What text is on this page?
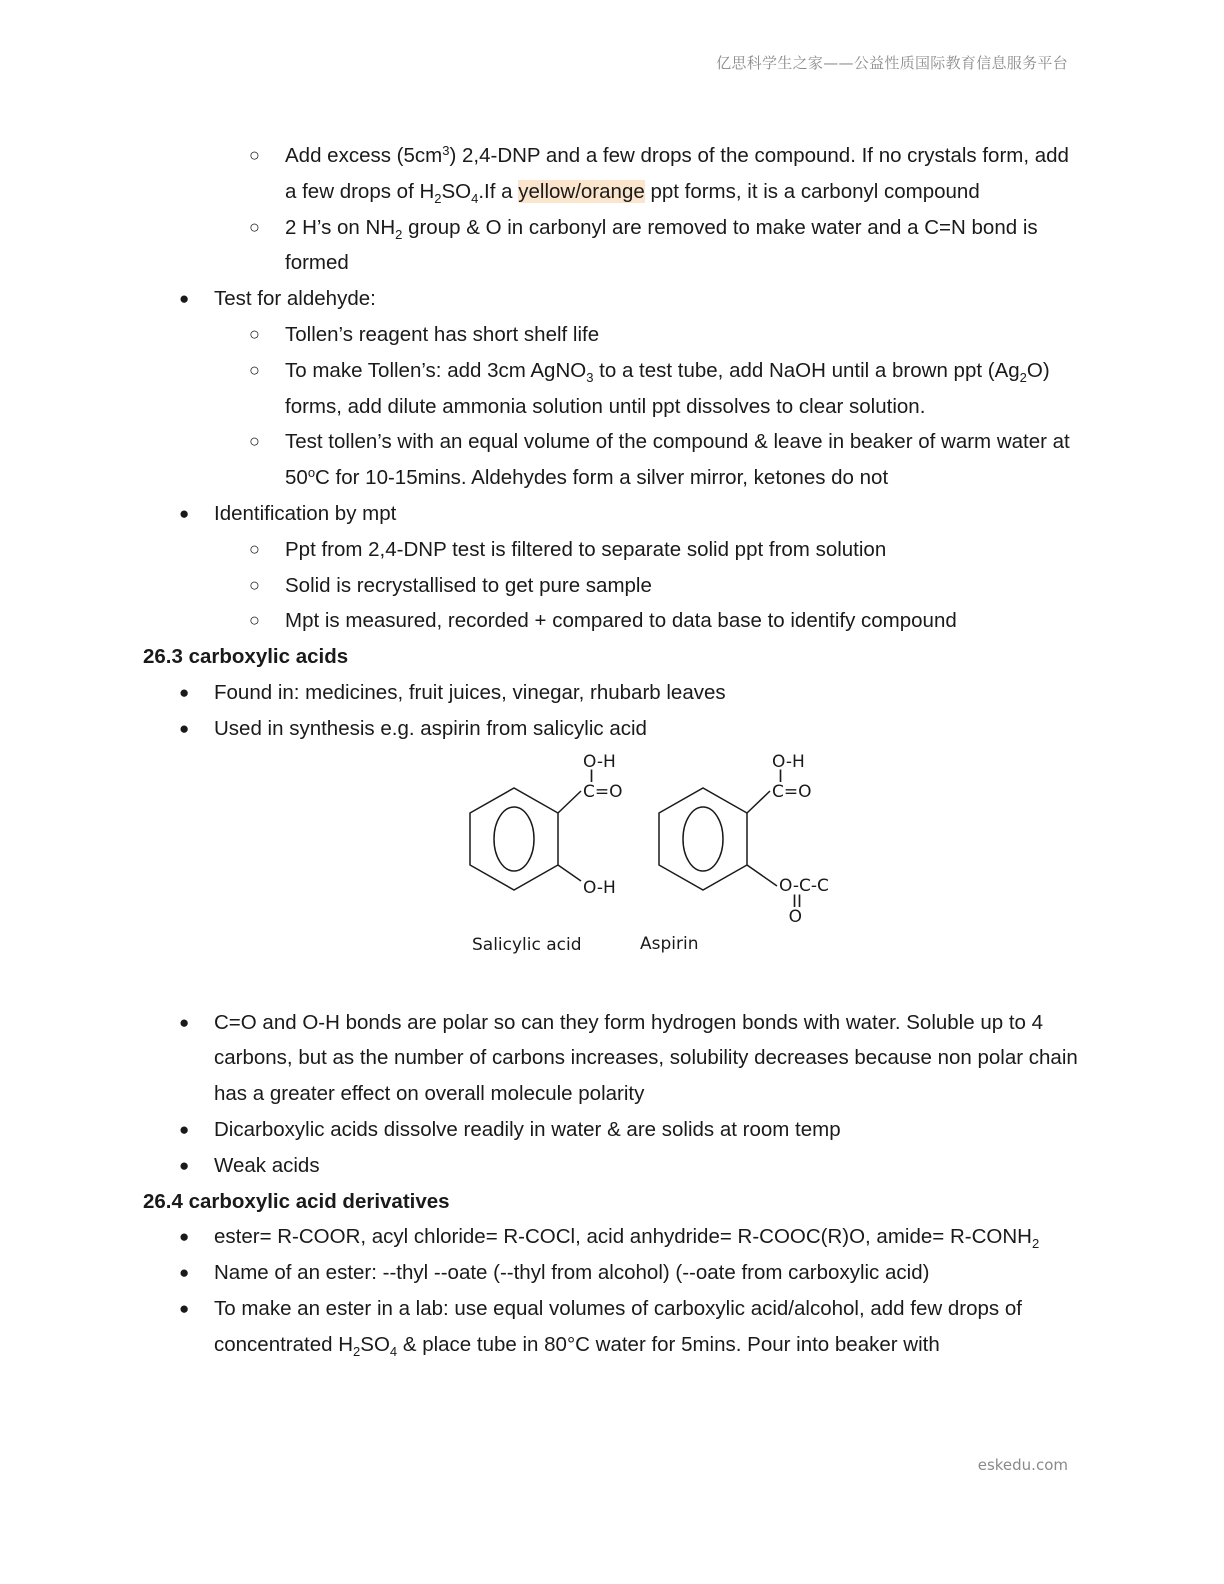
亿思科学生之家——公益性质国际教育信息服务平台
○ Add excess $(5cm^3)$ 2,4-DNP and a few drops of the compound. If no crystals form, add a few drops of $H_2SO_4.If$ a yellow/orange ppt forms, it is a carbonyl compound
○ 2 H’s on $NH_2$ group & O in carbonyl are removed to make water and a C=N bond is formed
● Test for aldehyde:
○ Tollen’s reagent has short shelf life
○ To make Tollen’s: add 3cm AgNO$_3$ to a test tube, add NaOH until a brown ppt $(Ag_2O)$ forms, add dilute ammonia solution until ppt dissolves to clear solution.
○ Test tollen’s with an equal volume of the compound & leave in beaker of warm water at 50$^o$C for 10-15mins. Aldehydes form a silver mirror, ketones do not
● Identification by mpt
○ Ppt from 2,4-DNP test is filtered to separate solid ppt from solution
○ Solid is recrystallised to get pure sample
○ Mpt is measured, recorded + compared to data base to identify compound
26.3 carboxylic acids
● Found in: medicines, fruit juices, vinegar, rhubarb leaves
● Used in synthesis e.g. aspirin from salicylic acid
O-H
I
C=O
O-H
Salicylic acid
O-H
I
C=O
O-C-C
II
O
Aspirin
● C=O and O-H bonds are polar so can they form hydrogen bonds with water. Soluble up to 4 carbons, but as the number of carbons increases, solubility decreases because non polar chain has a greater effect on overall molecule polarity
● Dicarboxylic acids dissolve readily in water & are solids at room temp
● Weak acids
26.4 carboxylic acid derivatives
● ester= R-COOR, acyl chloride= R-COCl, acid anhydride= R-COOC(R)O, amide= $R-CONH_2$
● Name of an ester: --thyl --oate (--thyl from alcohol) (--oate from carboxylic acid)
● To make an ester in a lab: use equal volumes of carboxylic acid/alcohol, add few drops of concentrated $H_2SO_4$ & place tube in 80°C water for 5mins. Pour into beaker with
eskedu.com
